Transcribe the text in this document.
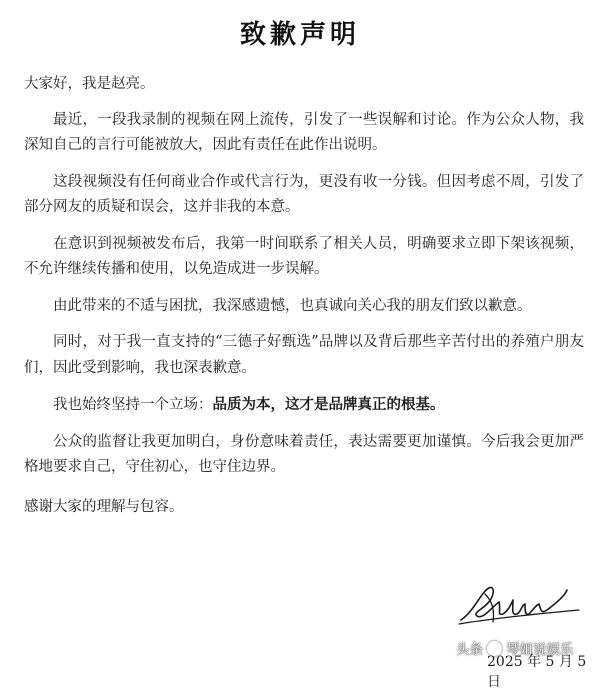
致歉声明

大家好，我是赵亮。

最近，一段我录制的视频在网上流传，引发了一些误解和讨论。作为公众人物，我深知自己的言行可能被放大，因此有责任在此作出说明。

这段视频没有任何商业合作或代言行为，更没有收一分钱。但因考虑不周，引发了部分网友的质疑和误会，这并非我的本意。

在意识到视频被发布后，我第一时间联系了相关人员，明确要求立即下架该视频，不允许继续传播和使用，以免造成进一步误解。

由此带来的不适与困扰，我深感遗憾，也真诚向关心我的朋友们致以歉意。

同时，对于我一直支持的“三德子好甄选”品牌以及背后那些辛苦付出的养殖户朋友们，因此受到影响，我也深表歉意。

我也始终坚持一个立场：品质为本，这才是品牌真正的根基。

公众的监督让我更加明白，身份意味着责任，表达需要更加谨慎。今后我会更加严格地要求自己，守住初心，也守住边界。

感谢大家的理解与包容。

头条 琴姐说娱乐
2025 年 5 月 5 日
